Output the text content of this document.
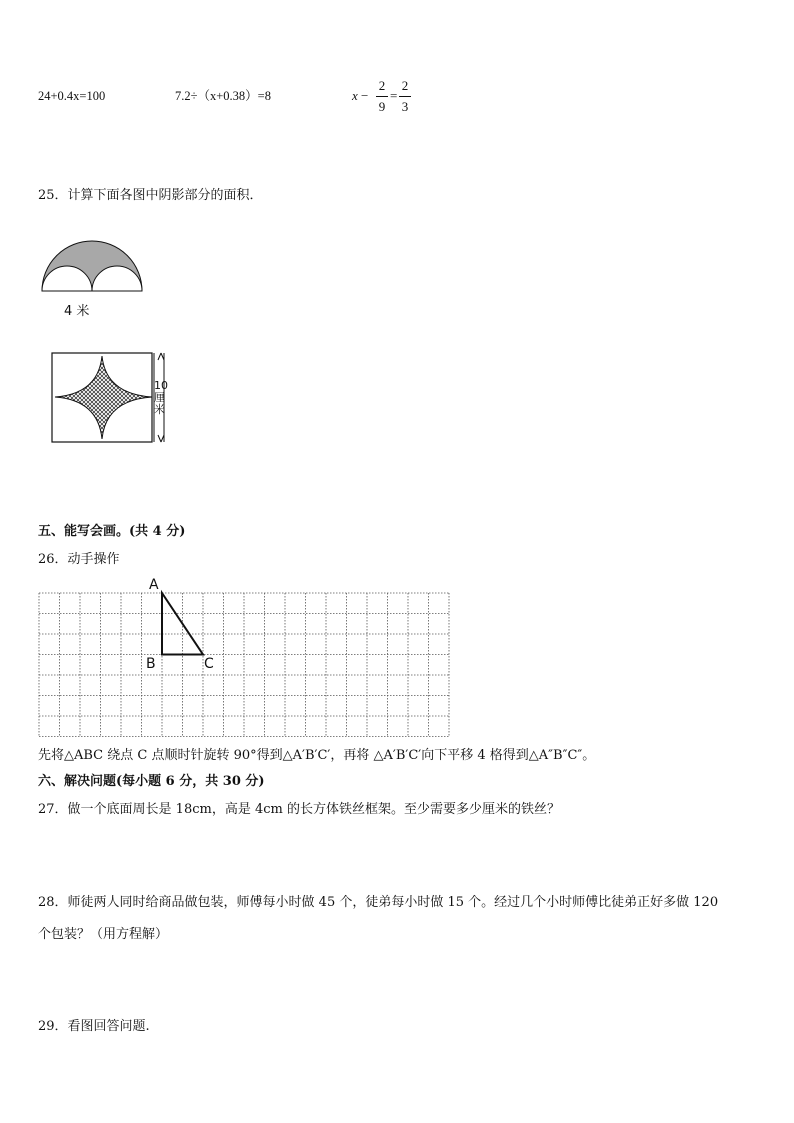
24+0.4x=100	7.2÷（x+0.38）=8	x −
2
9
=
2
3
25．计算下面各图中阴影部分的面积．
4 米
10
厘
米
五、能写会画。(共 4 分)
26．动手操作
A
B	C
先将△ABC 绕点 C 点顺时针旋转 90°得到△A′B′C′，再将 △A′B′C′向下平移 4 格得到△A″B″C″。
六、解决问题(每小题 6 分，共 30 分)
27．做一个底面周长是 18cm，高是 4cm 的长方体铁丝框架。至少需要多少厘米的铁丝？
28．师徒两人同时给商品做包装，师傅每小时做 45 个，徒弟每小时做 15 个。经过几个小时师傅比徒弟正好多做 120
个包装？（用方程解）
29．看图回答问题.
